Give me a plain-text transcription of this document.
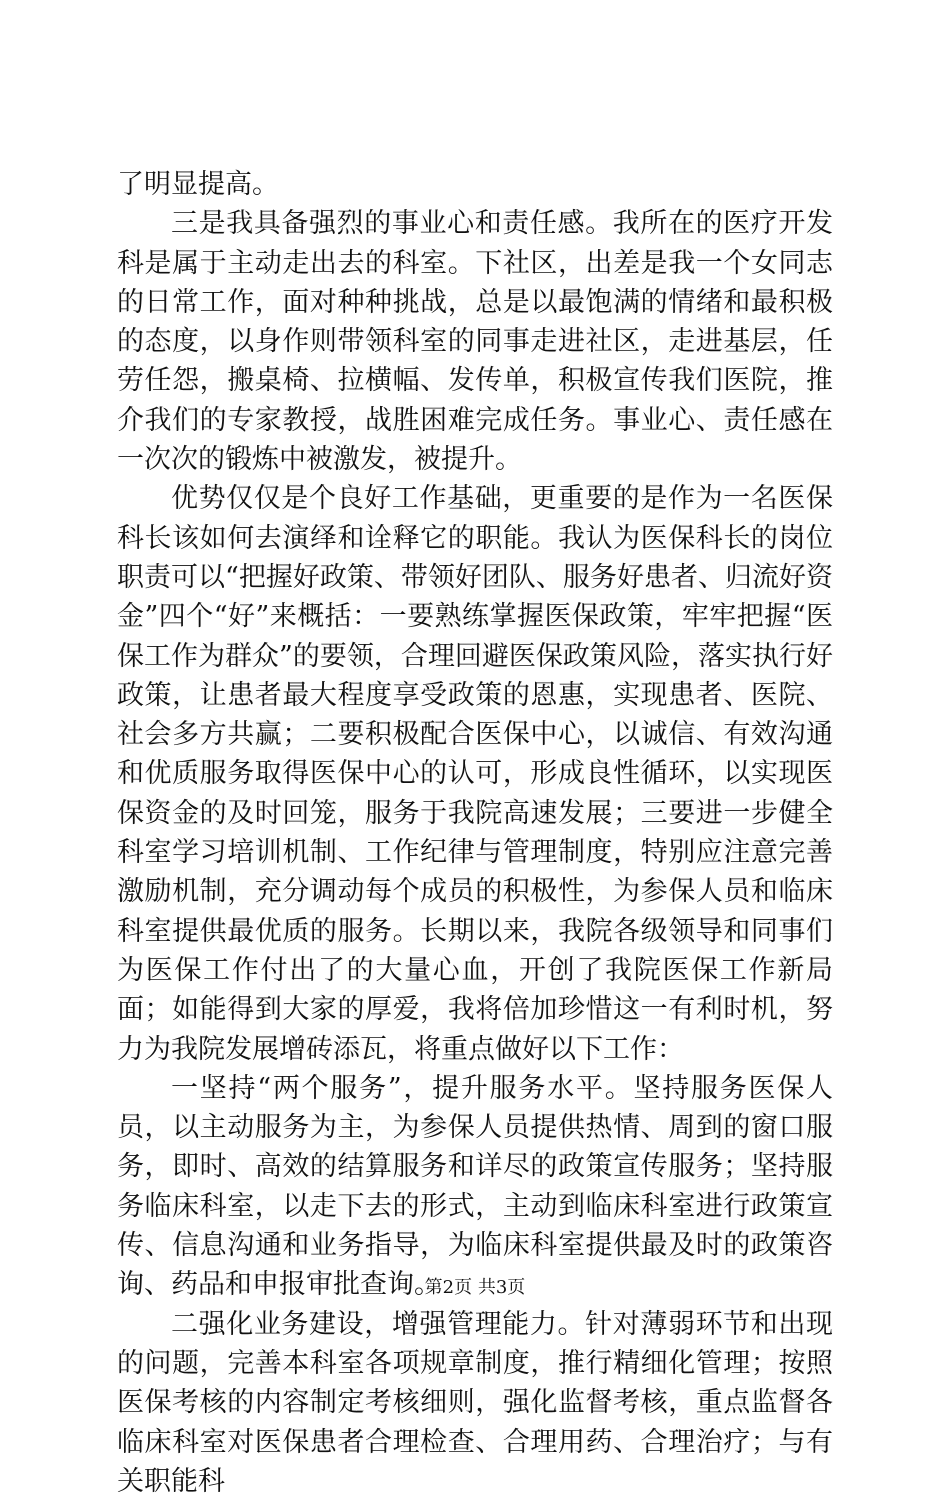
了明显提高。

三是我具备强烈的事业心和责任感。我所在的医疗开发科是属于主动走出去的科室。下社区，出差是我一个女同志的日常工作，面对种种挑战，总是以最饱满的情绪和最积极的态度，以身作则带领科室的同事走进社区，走进基层，任劳任怨，搬桌椅、拉横幅、发传单，积极宣传我们医院，推介我们的专家教授，战胜困难完成任务。事业心、责任感在一次次的锻炼中被激发，被提升。

优势仅仅是个良好工作基础，更重要的是作为一名医保科长该如何去演绎和诠释它的职能。我认为医保科长的岗位职责可以“把握好政策、带领好团队、服务好患者、归流好资金”四个“好”来概括：一要熟练掌握医保政策，牢牢把握“医保工作为群众”的要领，合理回避医保政策风险，落实执行好政策，让患者最大程度享受政策的恩惠，实现患者、医院、社会多方共赢；二要积极配合医保中心，以诚信、有效沟通和优质服务取得医保中心的认可，形成良性循环，以实现医保资金的及时回笼，服务于我院高速发展；三要进一步健全科室学习培训机制、工作纪律与管理制度，特别应注意完善激励机制，充分调动每个成员的积极性，为参保人员和临床科室提供最优质的服务。长期以来，我院各级领导和同事们为医保工作付出了的大量心血，开创了我院医保工作新局面；如能得到大家的厚爱，我将倍加珍惜这一有利时机，努力为我院发展增砖添瓦，将重点做好以下工作：

一坚持“两个服务”，提升服务水平。坚持服务医保人员，以主动服务为主，为参保人员提供热情、周到的窗口服务，即时、高效的结算服务和详尽的政策宣传服务；坚持服务临床科室，以走下去的形式，主动到临床科室进行政策宣传、信息沟通和业务指导，为临床科室提供最及时的政策咨询、药品和申报审批查询。

二强化业务建设，增强管理能力。针对薄弱环节和出现的问题，完善本科室各项规章制度，推行精细化管理；按照医保考核的内容制定考核细则，强化监督考核，重点监督各临床科室对医保患者合理检查、合理用药、合理治疗；与有关职能科

第2页 共3页
